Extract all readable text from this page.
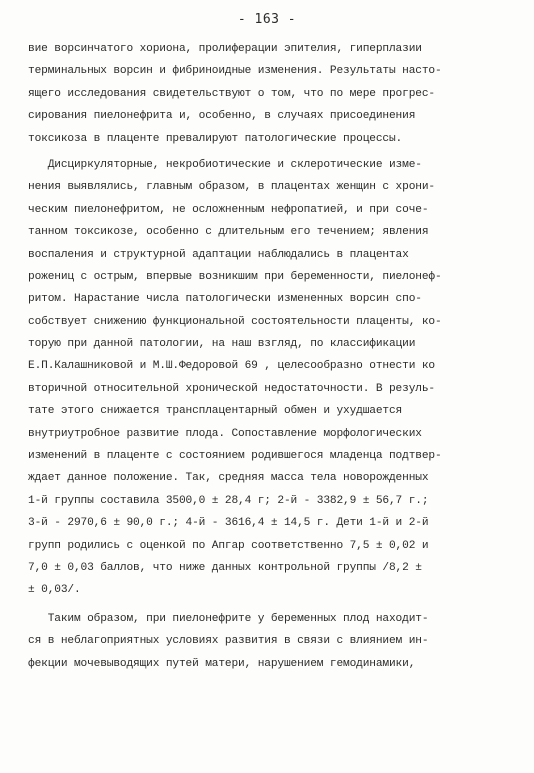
- 163 -
вие ворсинчатого хориона, пролиферации эпителия, гиперплазии
терминальных ворсин и фибриноидные изменения. Результаты насто-
ящего исследования свидетельствуют о том, что по мере прогрес-
сирования пиелонефрита и, особенно, в случаях присоединения
токсикоза в плаценте превалируют патологические процессы.
Дисциркуляторные, некробиотические и склеротические изме-
нения выявлялись, главным образом, в плацентах женщин с хрони-
ческим пиелонефритом, не осложненным нефропатией, и при соче-
танном токсикозе, особенно с длительным его течением; явления
воспаления и структурной адаптации наблюдались в плацентах
рожениц с острым, впервые возникшим при беременности, пиелонеф-
ритом. Нарастание числа патологически измененных ворсин спо-
собствует снижению функциональной состоятельности плаценты, ко-
торую при данной патологии, на наш взгляд, по классификации
Е.П.Калашниковой и М.Ш.Федоровой 69 , целесообразно отнести ко
вторичной относительной хронической недостаточности. В резуль-
тате этого снижается трансплацентарный обмен и ухудшается
внутриутробное развитие плода. Сопоставление морфологических
изменений в плаценте с состоянием родившегося младенца подтвер-
ждает данное положение. Так, средняя масса тела новорожденных
1-й группы составила 3500,0 ± 28,4 г; 2-й - 3382,9 ± 56,7 г.;
3-й - 2970,6 ± 90,0 г.; 4-й - 3616,4 ± 14,5 г. Дети 1-й и 2-й
групп родились с оценкой по Апгар соответственно 7,5 ± 0,02 и
7,0 ± 0,03 баллов, что ниже данных контрольной группы /8,2 ±
± 0,03/.
Таким образом, при пиелонефрите у беременных плод находит-
ся в неблагоприятных условиях развития в связи с влиянием ин-
фекции мочевыводящих путей матери, нарушением гемодинамики,
